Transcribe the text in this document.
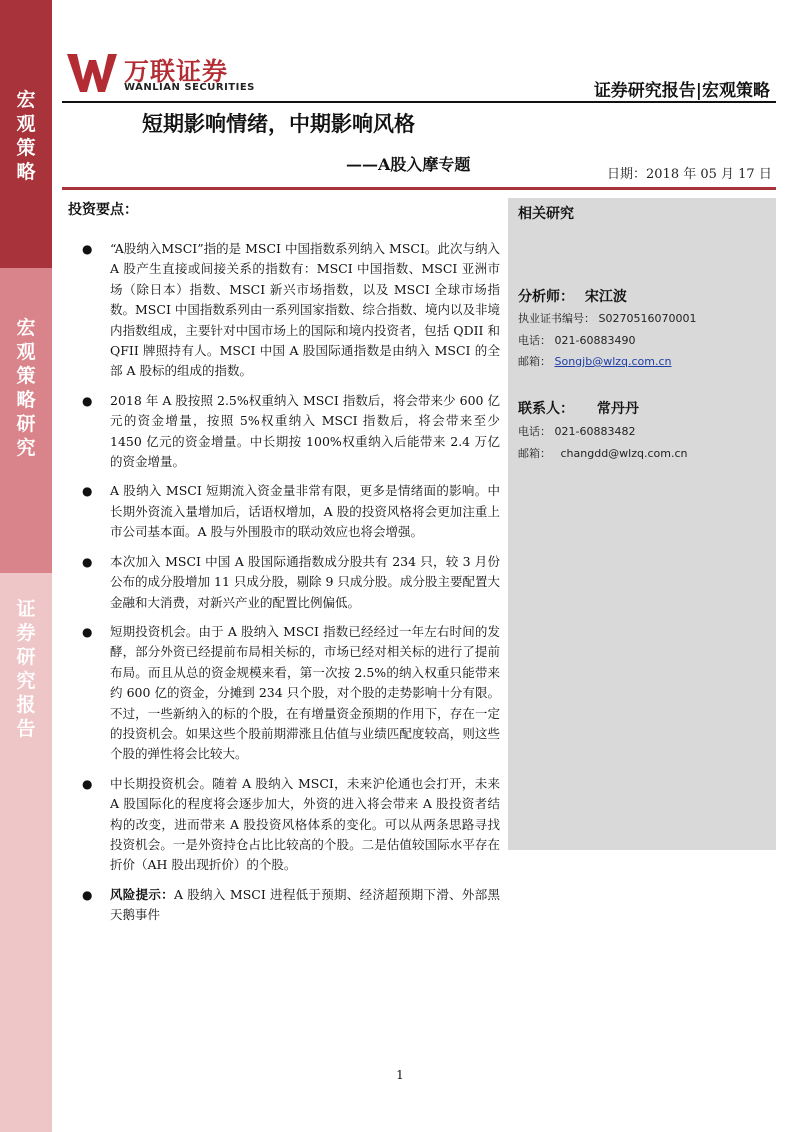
宏
观
策
略
宏
观
策
略
研
究
证
券
研
究
报
告
万联证券
WANLIAN SECURITIES	证券研究报告|宏观策略
短期影响情绪，中期影响风格
——A股入摩专题
日期：2018 年 05 月 17 日
投资要点：

● “A股纳入MSCI”指的是 MSCI 中国指数系列纳入 MSCI。此次与纳入 A 股产生直接或间接关系的指数有：MSCI 中国指数、MSCI 亚洲市场（除日本）指数、MSCI 新兴市场指数，以及 MSCI 全球市场指数。MSCI 中国指数系列由一系列国家指数、综合指数、境内以及非境内指数组成，主要针对中国市场上的国际和境内投资者，包括 QDII 和 QFII 牌照持有人。MSCI 中国 A 股国际通指数是由纳入 MSCI 的全部 A 股标的组成的指数。

● 2018 年 A 股按照 2.5%权重纳入 MSCI 指数后，将会带来少 600 亿元的资金增量，按照 5%权重纳入 MSCI 指数后，将会带来至少 1450 亿元的资金增量。中长期按 100%权重纳入后能带来 2.4 万亿的资金增量。

● A 股纳入 MSCI 短期流入资金量非常有限，更多是情绪面的影响。中长期外资流入量增加后，话语权增加，A 股的投资风格将会更加注重上市公司基本面。A 股与外围股市的联动效应也将会增强。

● 本次加入 MSCI 中国 A 股国际通指数成分股共有 234 只，较 3 月份公布的成分股增加 11 只成分股，剔除 9 只成分股。成分股主要配置大金融和大消费，对新兴产业的配置比例偏低。

● 短期投资机会。由于 A 股纳入 MSCI 指数已经经过一年左右时间的发酵，部分外资已经提前布局相关标的，市场已经对相关标的进行了提前布局。而且从总的资金规模来看，第一次按 2.5%的纳入权重只能带来约 600 亿的资金，分摊到 234 只个股，对个股的走势影响十分有限。不过，一些新纳入的标的个股，在有增量资金预期的作用下，存在一定的投资机会。如果这些个股前期滞涨且估值与业绩匹配度较高，则这些个股的弹性将会比较大。

● 中长期投资机会。随着 A 股纳入 MSCI，未来沪伦通也会打开，未来 A 股国际化的程度将会逐步加大，外资的进入将会带来 A 股投资者结构的改变，进而带来 A 股投资风格体系的变化。可以从两条思路寻找投资机会。一是外资持仓占比比较高的个股。二是估值较国际水平存在折价（AH 股出现折价）的个股。

● 风险提示：A 股纳入 MSCI 进程低于预期、经济超预期下滑、外部黑天鹅事件

相关研究
分析师： 宋江波
执业证书编号： S0270516070001
电话： 021-60883490
邮箱： Songjb@wlzq.com.cn
联系人： 常丹丹
电话： 021-60883482
邮箱： changdd@wlzq.com.cn
1
